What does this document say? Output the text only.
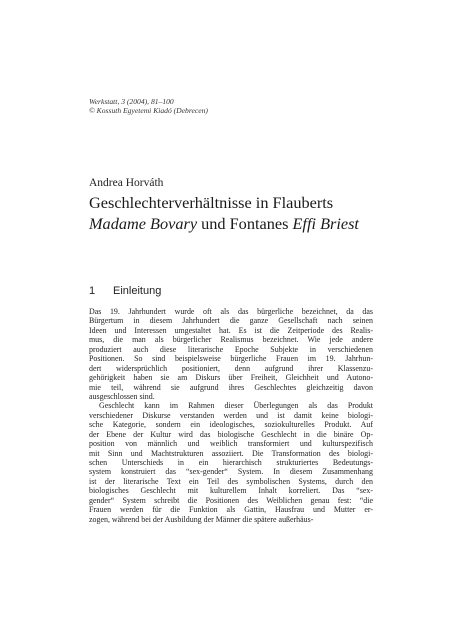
Werkstatt, 3 (2004), 81–100
© Kossuth Egyetemi Kiadó (Debrecen)
Andrea Horváth
Geschlechterverhältnisse in Flauberts
Madame Bovary und Fontanes Effi Briest
1 Einleitung
Das 19. Jahrhundert wurde oft als das bürgerliche bezeichnet, da das
Bürgertum in diesem Jahrhundert die ganze Gesellschaft nach seinen
Ideen und Interessen umgestaltet hat. Es ist die Zeitperiode des Realis-
mus, die man als bürgerlicher Realismus bezeichnet. Wie jede andere
produziert auch diese literarische Epoche Subjekte in verschiedenen
Positionen. So sind beispielsweise bürgerliche Frauen im 19. Jahrhun-
dert widersprüchlich positioniert, denn aufgrund ihrer Klassenzu-
gehörigkeit haben sie am Diskurs über Freiheit, Gleichheit und Autono-
mie teil, während sie aufgrund ihres Geschlechtes gleichzeitig davon
ausgeschlossen sind.
Geschlecht kann im Rahmen dieser Überlegungen als das Produkt
verschiedener Diskurse verstanden werden und ist damit keine biologi-
sche Kategorie, sondern ein ideologisches, soziokulturelles Produkt. Auf
der Ebene der Kultur wird das biologische Geschlecht in die binäre Op-
position von männlich und weiblich transformiert und kulturspezifisch
mit Sinn und Machtstrukturen assoziiert. Die Transformation des biologi-
schen Unterschieds in ein hierarchisch strukturiertes Bedeutungs-
system konstruiert das “sex-gender“ System. In diesem Zusammenhang
ist der literarische Text ein Teil des symbolischen Systems, durch den
biologisches Geschlecht mit kulturellem Inhalt korreliert. Das “sex-
gender“ System schreibt die Positionen des Weiblichen genau fest: “die
Frauen werden für die Funktion als Gattin, Hausfrau und Mutter er-
zogen, während bei der Ausbildung der Männer die spätere außerhäus-
